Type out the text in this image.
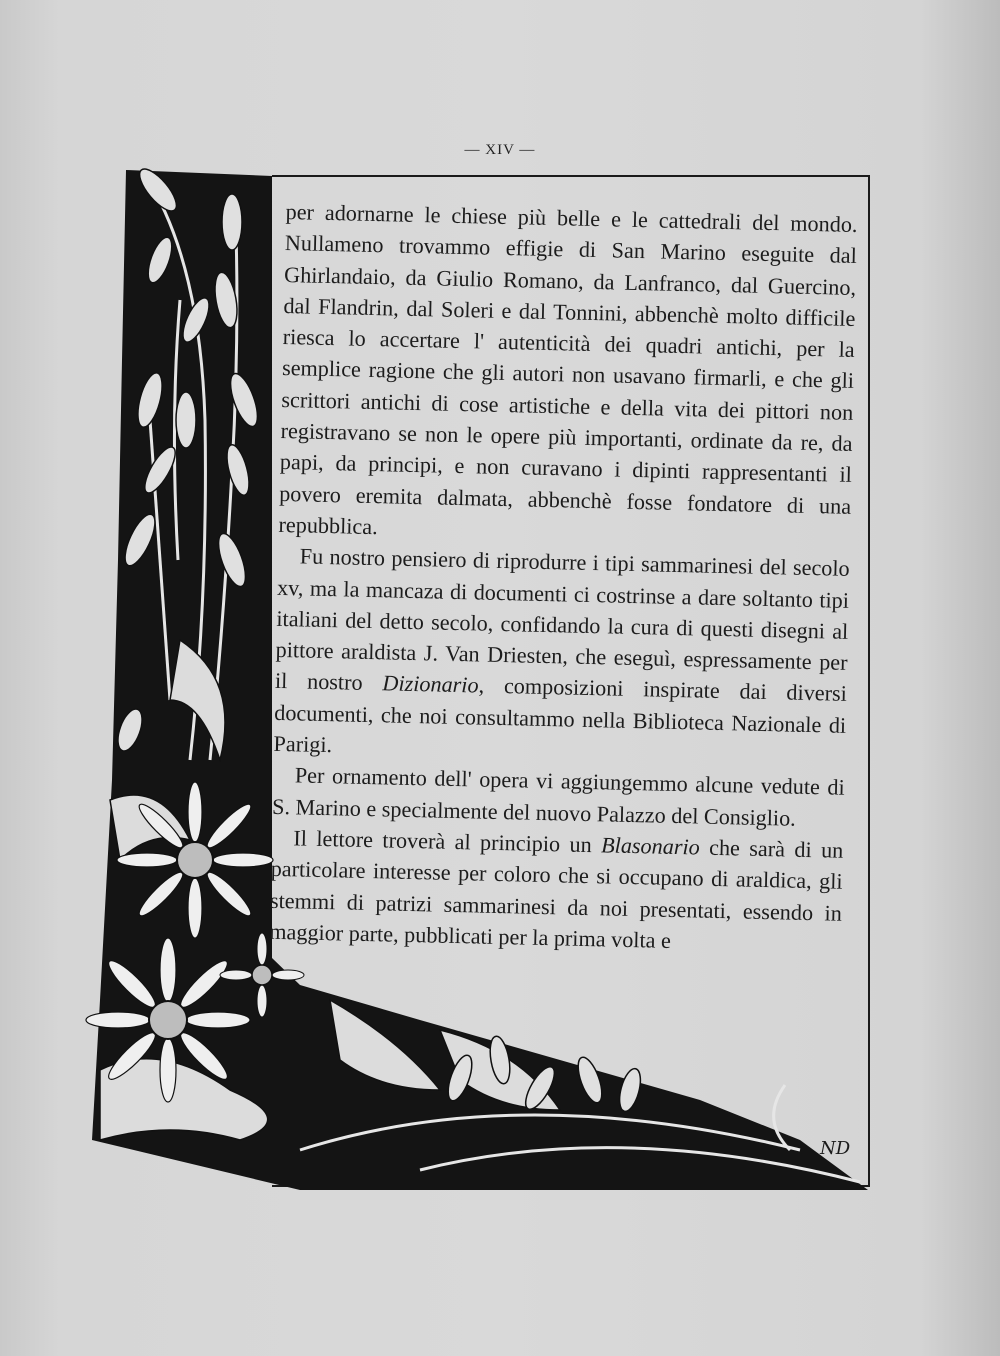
— XIV —

per adornarne le chiese più belle e le cattedrali del mondo. Nullameno trovammo effigie di San Marino eseguite dal Ghirlandaio, da Giulio Romano, da Lanfranco, dal Guercino, dal Flandrin, dal Soleri e dal Tonnini, abbenchè molto difficile riesca lo accertare l' autenticità dei quadri antichi, per la semplice ragione che gli autori non usavano firmarli, e che gli scrittori antichi di cose artistiche e della vita dei pittori non registravano se non le opere più importanti, ordinate da re, da papi, da principi, e non curavano i dipinti rappresentanti il povero eremita dalmata, abbenchè fosse fondatore di una repubblica.

Fu nostro pensiero di riprodurre i tipi sammarinesi del secolo xv, ma la mancaza di documenti ci costrinse a dare soltanto tipi italiani del detto secolo, confidando la cura di questi disegni al pittore araldista J. Van Driesten, che eseguì, espressamente per il nostro Dizionario, composizioni inspirate dai diversi documenti, che noi consultammo nella Biblioteca Nazionale di Parigi.

Per ornamento dell' opera vi aggiungemmo alcune vedute di S. Marino e specialmente del nuovo Palazzo del Consiglio.

Il lettore troverà al principio un Blasonario che sarà di un particolare interesse per coloro che si occupano di araldica, gli stemmi di patrizi sammarinesi da noi presentati, essendo in maggior parte, pubblicati per la prima volta e

ND
